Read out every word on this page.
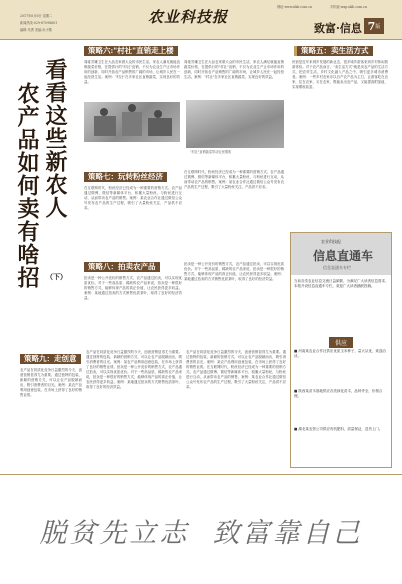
2017年6月6日 星期二
新闻热线:029-87098601
编辑:朱勇 美编:孙小黎
农业科技报
网址:www.nkb.com.cn	手机版:wap.nkb.com.cn
致富·信息 7 版
策略六:"村社"直销走上楼
周娅芳嫌卫生在大品农家做大众的市民生活，家农人满足就能直销蔬菜价格，在提供行的"村社"直销，不仅为农业生产让市场作用的创新，同时开拓农产品销售的广阔的市场，让城乡人民在一起经营生活。案例："村社"在多家社区直销蔬菜，实现良好的效益。
周娅芳嫌卫生在大品农家做大众的市民生活，家农人满足就能直销蔬菜价格，在提供行的"村社"直销，不仅为农业生产让市场作用的创新，同时开拓农产品销售的广阔的市场，让城乡人民在一起经营生活。案例："村社"在多家社区直销蔬菜，实现良好的效益。
"村社"直销蔬菜带动农民增收
策略五：卖生活方式
民宿是近年来城乡发展的新业态，很多城乡游客来到乡村休闲旅游体验。对于农产品而言，"卖生活方式"就是卖农产品的生活方式，把农村生活、乡村文化融入产品之中，吸引更多城市消费者。案例：一些乡村农家乐以自产农产品为主打，让游客吃在农家、住在农家、买在农家，既能卖出农产品，又能提高附加值，实现增收致富。
看看这些新农人
农产品如何卖有啥招 （下）
策略七：玩转粉丝经济
在互联网时代，粉丝经济已经成为一种重要的营销方式。农产品通过微博、微信等新媒体平台，积累大量粉丝，与粉丝进行互动，从而带动农产品的销售。案例：某农业合作社通过微信公众号发布农产品的生产过程，吸引了大量粉丝关注，产品供不应求。
在互联网时代，粉丝经济已经成为一种重要的营销方式。农产品通过微博、微信等新媒体平台，积累大量粉丝，与粉丝进行互动，从而带动农产品的销售。案例：某农业合作社通过微信公众号发布农产品的生产过程，吸引了大量粉丝关注，产品供不应求。
策略八：拍卖农产品
拍卖是一种公开竞价的销售方式，农产品通过拍卖，可以实现优质优价。对于一些高品质、稀缺的农产品来说，拍卖是一种很好的销售方式，能够体现产品的真正价值，让农民获得更多收益。案例：某地通过拍卖的方式销售优质茶叶，取得了良好的经济效益。
拍卖是一种公开竞价的销售方式，农产品通过拍卖，可以实现优质优价。对于一些高品质、稀缺的农产品来说，拍卖是一种很好的销售方式，能够体现产品的真正价值，让农民获得更多收益。案例：某地通过拍卖的方式销售优质茶叶，取得了良好的经济效益。
农业科技报
信息直通车
信息直通车专栏
当前各类农业信息交流日益频繁，为满足广大读者信息需求，本报开设信息直通车专栏，欢迎广大读者踊跃投稿。
供应
■ 河南某农业合作社供应优质玉米种子，量大从优，欢迎洽谈。
■ 陕西某苗木基地供应各类绿化苗木，品种齐全，价格合理。
■ 湖北某农资公司供应有机肥料，质量保证，送货上门。
策略九：走创意
农产品在同质化竞争日益激烈的今天，创意营销显得尤为重要。通过独特的包装、新颖的营销方式，可以让农产品脱颖而出，吸引消费者的目光。案例：某农产品利用创意包装，在市场上获得了良好的销售业绩。
农产品在同质化竞争日益激烈的今天，创意营销显得尤为重要。通过独特的包装、新颖的营销方式，可以让农产品脱颖而出，吸引消费者的目光。案例：某农产品利用创意包装，在市场上获得了良好的销售业绩。拍卖是一种公开竞价的销售方式，农产品通过拍卖，可以实现优质优价。对于一些高品质、稀缺的农产品来说，拍卖是一种很好的销售方式，能够体现产品的真正价值，让农民获得更多收益。案例：某地通过拍卖的方式销售优质茶叶，取得了良好的经济效益。
农产品在同质化竞争日益激烈的今天，创意营销显得尤为重要。通过独特的包装、新颖的营销方式，可以让农产品脱颖而出，吸引消费者的目光。案例：某农产品利用创意包装，在市场上获得了良好的销售业绩。在互联网时代，粉丝经济已经成为一种重要的营销方式。农产品通过微博、微信等新媒体平台，积累大量粉丝，与粉丝进行互动，从而带动农产品的销售。案例：某农业合作社通过微信公众号发布农产品的生产过程，吸引了大量粉丝关注，产品供不应求。
脱贫先立志  致富靠自己
